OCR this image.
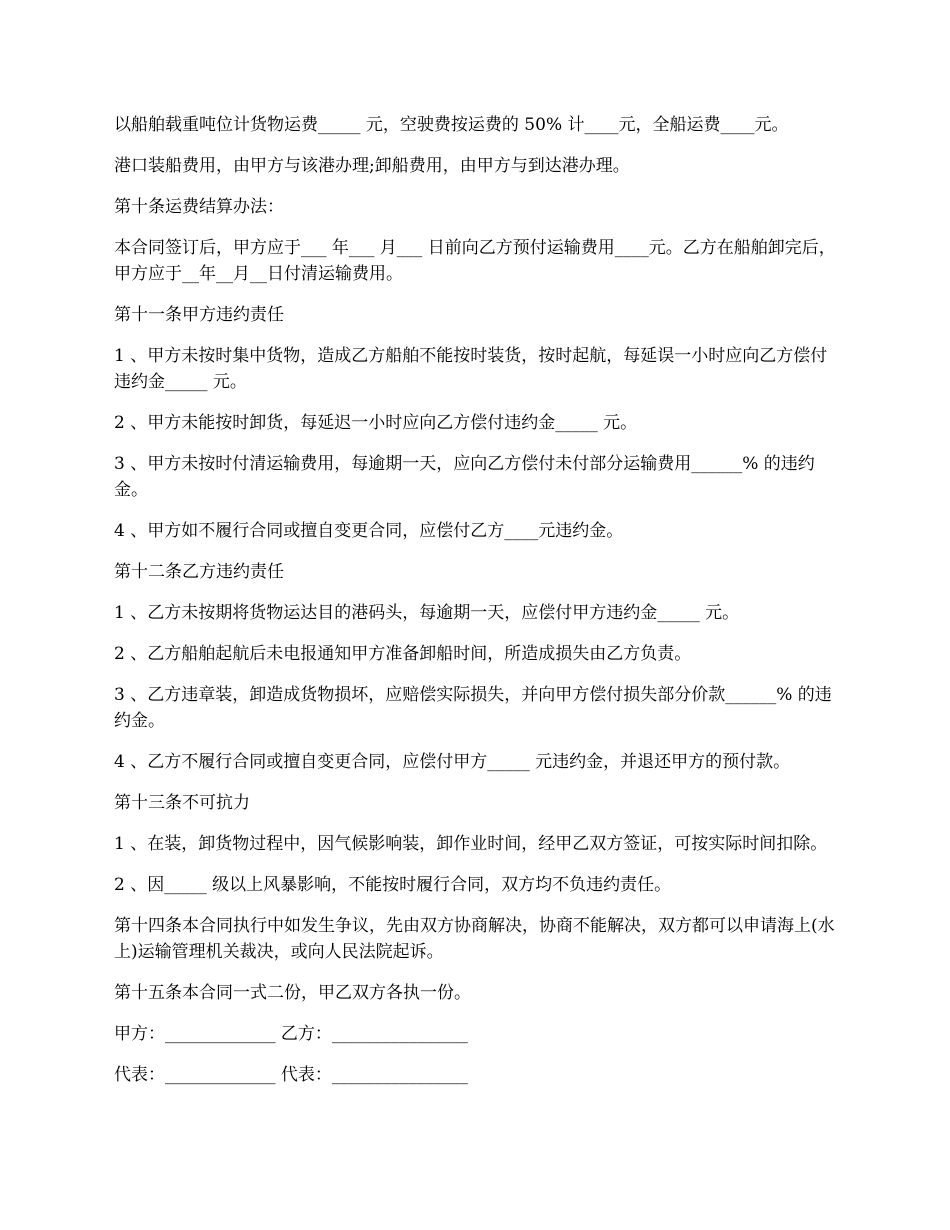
以船舶载重吨位计货物运费_____ 元，空驶费按运费的 50% 计____元，全船运费____元。

港口装船费用，由甲方与该港办理;卸船费用，由甲方与到达港办理。

第十条运费结算办法：

本合同签订后，甲方应于___ 年___ 月___ 日前向乙方预付运输费用____元。乙方在船舶卸完后，甲方应于__年__月__日付清运输费用。

第十一条甲方违约责任

1 、甲方未按时集中货物，造成乙方船舶不能按时装货，按时起航，每延误一小时应向乙方偿付违约金_____ 元。

2 、甲方未能按时卸货，每延迟一小时应向乙方偿付违约金_____ 元。

3 、甲方未按时付清运输费用，每逾期一天，应向乙方偿付未付部分运输费用______% 的违约金。

4 、甲方如不履行合同或擅自变更合同，应偿付乙方____元违约金。

第十二条乙方违约责任

1 、乙方未按期将货物运达目的港码头，每逾期一天，应偿付甲方违约金_____ 元。

2 、乙方船舶起航后未电报通知甲方准备卸船时间，所造成损失由乙方负责。

3 、乙方违章装，卸造成货物损坏，应赔偿实际损失，并向甲方偿付损失部分价款______% 的违约金。

4 、乙方不履行合同或擅自变更合同，应偿付甲方_____ 元违约金，并退还甲方的预付款。

第十三条不可抗力

1 、在装，卸货物过程中，因气候影响装，卸作业时间，经甲乙双方签证，可按实际时间扣除。

2 、因_____ 级以上风暴影响，不能按时履行合同，双方均不负违约责任。

第十四条本合同执行中如发生争议，先由双方协商解决，协商不能解决，双方都可以申请海上(水上)运输管理机关裁决，或向人民法院起诉。

第十五条本合同一式二份，甲乙双方各执一份。

甲方：_____________ 乙方：________________

代表：_____________ 代表：________________
